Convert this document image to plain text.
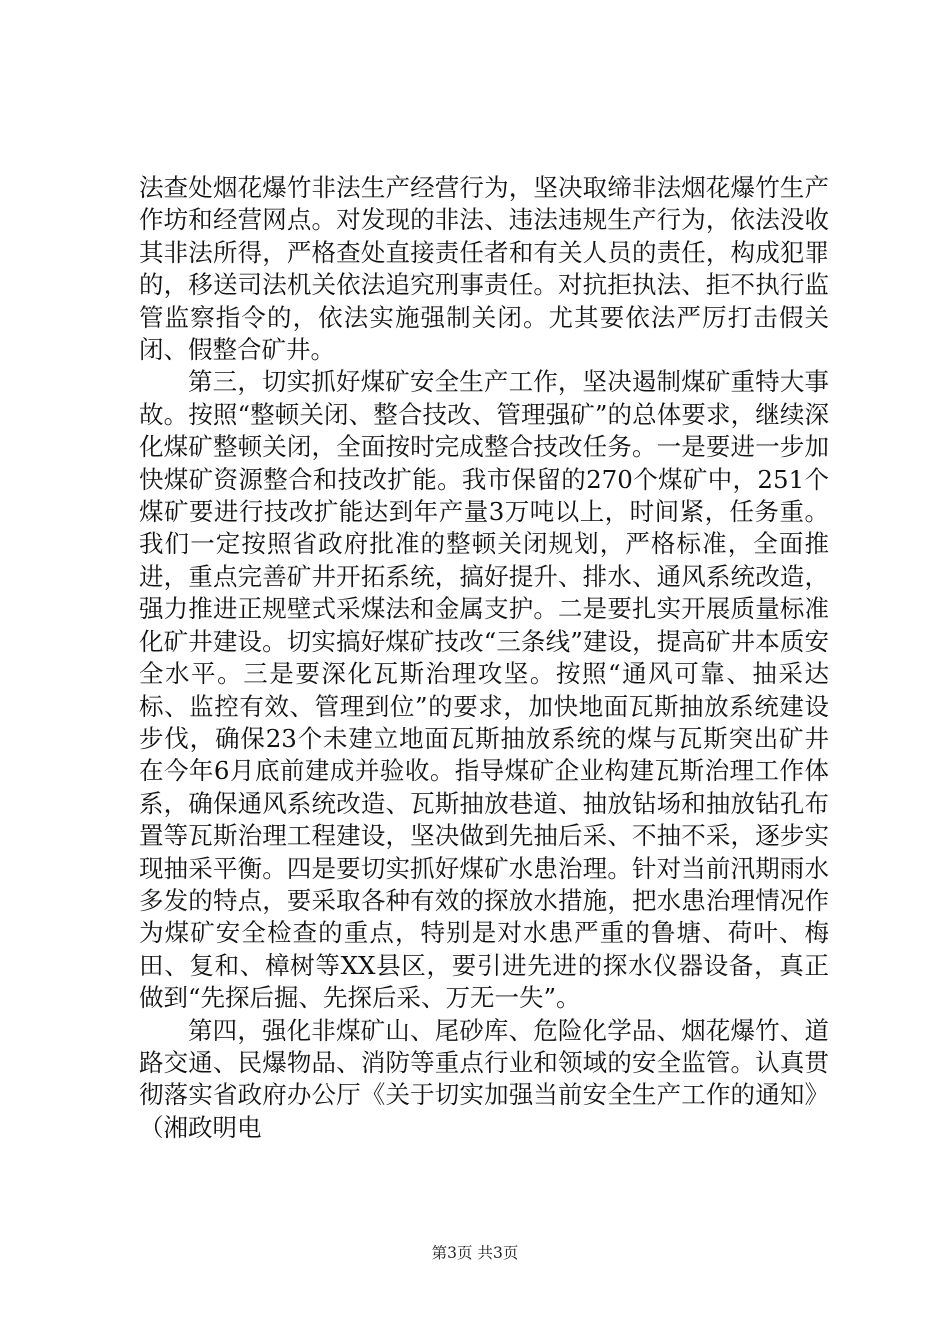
法查处烟花爆竹非法生产经营行为，坚决取缔非法烟花爆竹生产作坊和经营网点。对发现的非法、违法违规生产行为，依法没收其非法所得，严格查处直接责任者和有关人员的责任，构成犯罪的，移送司法机关依法追究刑事责任。对抗拒执法、拒不执行监管监察指令的，依法实施强制关闭。尤其要依法严厉打击假关闭、假整合矿井。

第三，切实抓好煤矿安全生产工作，坚决遏制煤矿重特大事故。按照“整顿关闭、整合技改、管理强矿”的总体要求，继续深化煤矿整顿关闭，全面按时完成整合技改任务。一是要进一步加快煤矿资源整合和技改扩能。我市保留的270个煤矿中，251个煤矿要进行技改扩能达到年产量3万吨以上，时间紧，任务重。我们一定按照省政府批准的整顿关闭规划，严格标准，全面推进，重点完善矿井开拓系统，搞好提升、排水、通风系统改造，强力推进正规壁式采煤法和金属支护。二是要扎实开展质量标准化矿井建设。切实搞好煤矿技改“三条线”建设，提高矿井本质安全水平。三是要深化瓦斯治理攻坚。按照“通风可靠、抽采达标、监控有效、管理到位”的要求，加快地面瓦斯抽放系统建设步伐，确保23个未建立地面瓦斯抽放系统的煤与瓦斯突出矿井在今年6月底前建成并验收。指导煤矿企业构建瓦斯治理工作体系，确保通风系统改造、瓦斯抽放巷道、抽放钻场和抽放钻孔布置等瓦斯治理工程建设，坚决做到先抽后采、不抽不采，逐步实现抽采平衡。四是要切实抓好煤矿水患治理。针对当前汛期雨水多发的特点，要采取各种有效的探放水措施，把水患治理情况作为煤矿安全检查的重点，特别是对水患严重的鲁塘、荷叶、梅田、复和、樟树等XX县区，要引进先进的探水仪器设备，真正做到“先探后掘、先探后采、万无一失”。

第四，强化非煤矿山、尾砂库、危险化学品、烟花爆竹、道路交通、民爆物品、消防等重点行业和领域的安全监管。认真贯彻落实省政府办公厅《关于切实加强当前安全生产工作的通知》（湘政明电

第3页 共3页
